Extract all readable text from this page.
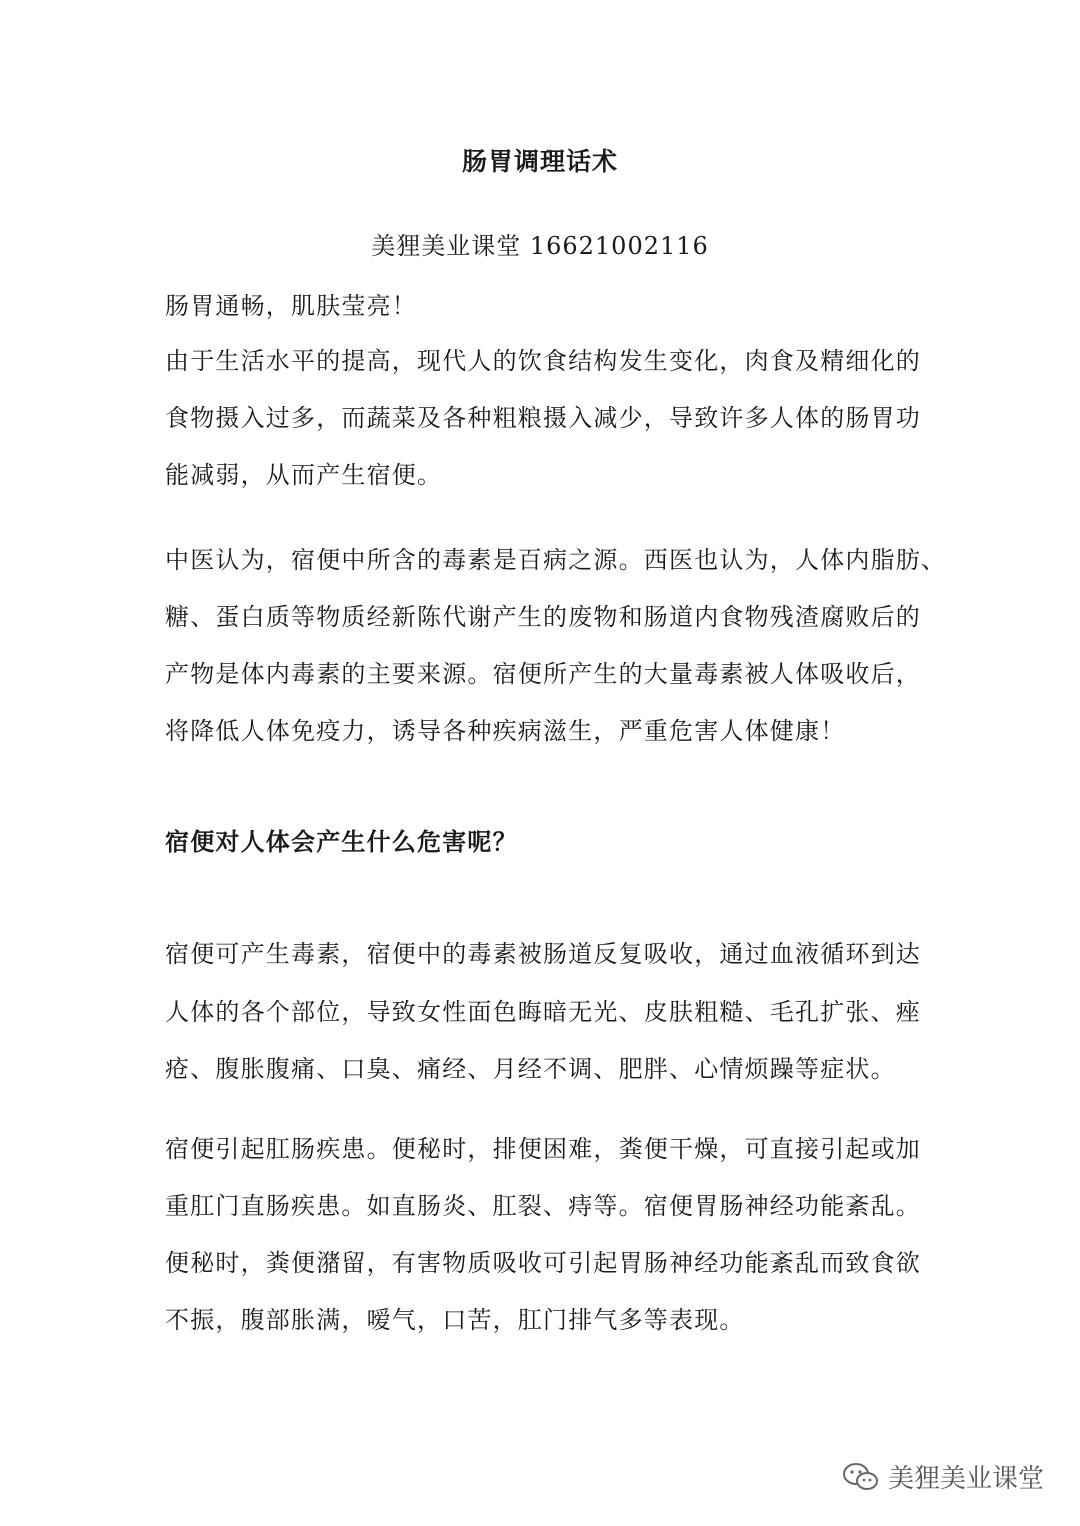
肠胃调理话术
美狸美业课堂 16621002116
肠胃通畅，肌肤莹亮！
由于生活水平的提高，现代人的饮食结构发生变化，肉食及精细化的
食物摄入过多，而蔬菜及各种粗粮摄入减少，导致许多人体的肠胃功
能减弱，从而产生宿便。
中医认为，宿便中所含的毒素是百病之源。西医也认为，人体内脂肪、
糖、蛋白质等物质经新陈代谢产生的废物和肠道内食物残渣腐败后的
产物是体内毒素的主要来源。宿便所产生的大量毒素被人体吸收后，
将降低人体免疫力，诱导各种疾病滋生，严重危害人体健康！
宿便对人体会产生什么危害呢？
宿便可产生毒素，宿便中的毒素被肠道反复吸收，通过血液循环到达
人体的各个部位，导致女性面色晦暗无光、皮肤粗糙、毛孔扩张、痤
疮、腹胀腹痛、口臭、痛经、月经不调、肥胖、心情烦躁等症状。
宿便引起肛肠疾患。便秘时，排便困难，粪便干燥，可直接引起或加
重肛门直肠疾患。如直肠炎、肛裂、痔等。宿便胃肠神经功能紊乱。
便秘时，粪便潴留，有害物质吸收可引起胃肠神经功能紊乱而致食欲
不振，腹部胀满，嗳气，口苦，肛门排气多等表现。
美狸美业课堂
